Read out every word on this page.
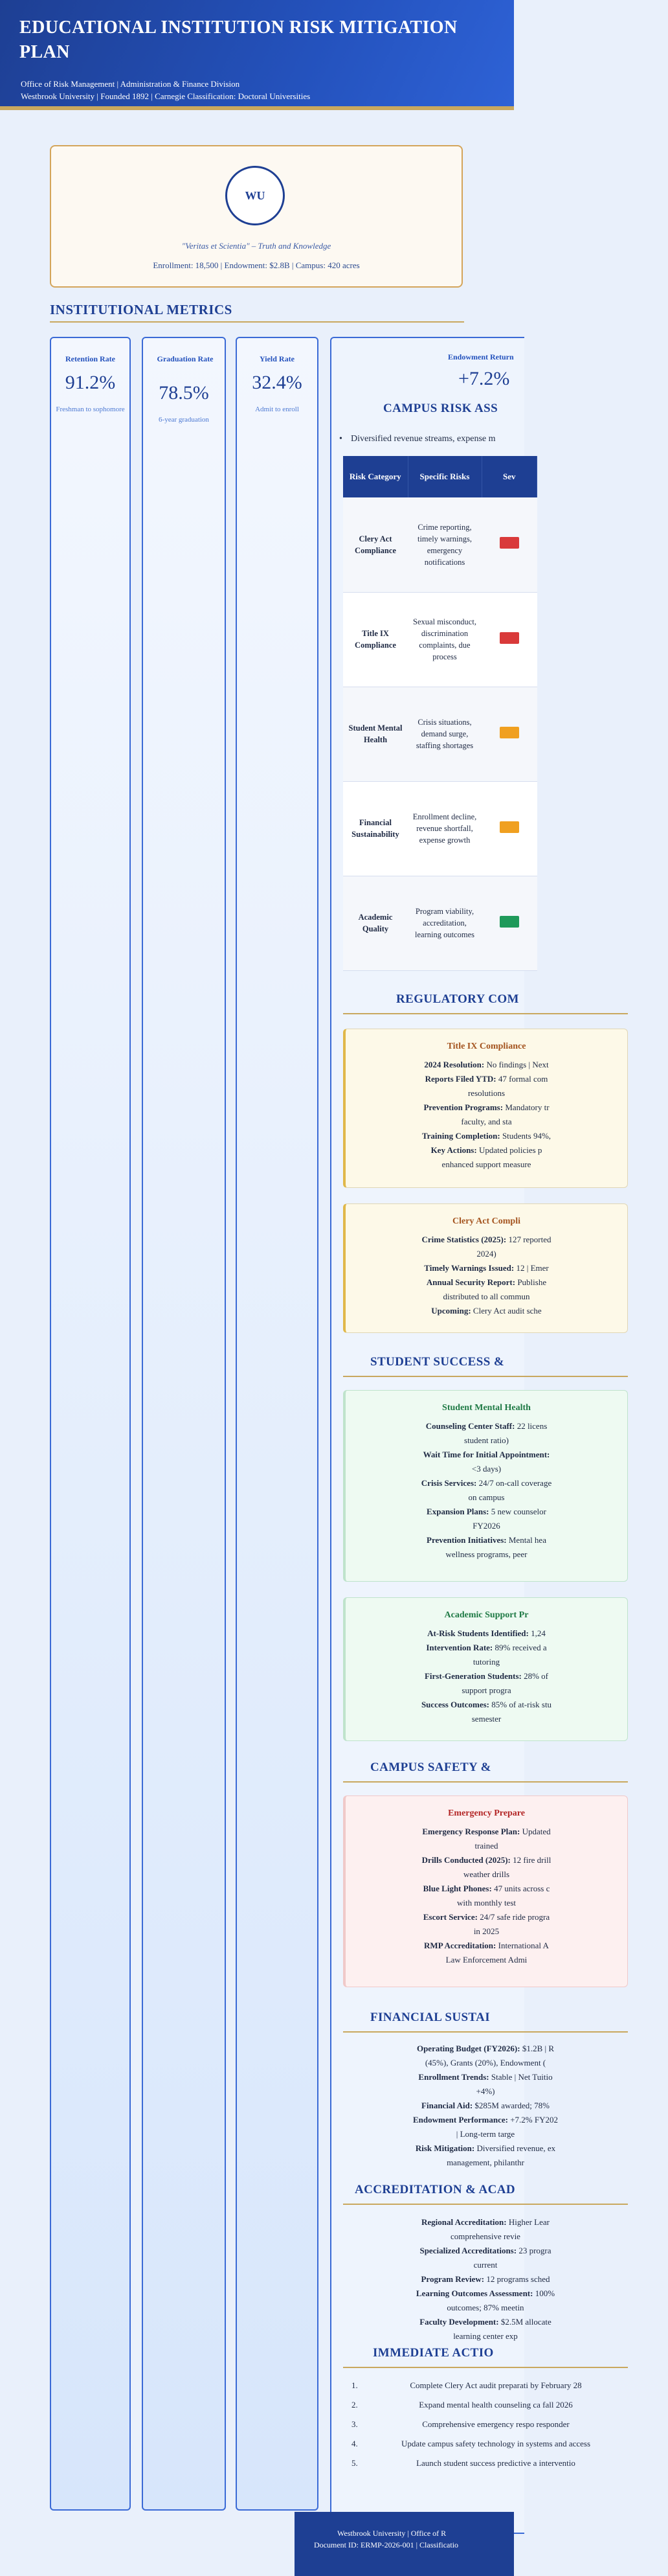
EDUCATIONAL INSTITUTION RISK MITIGATION PLAN
Office of Risk Management | Administration & Finance Division
Westbrook University | Founded 1892 | Carnegie Classification: Doctoral Universities
WU
"Veritas et Scientia" – Truth and Knowledge
Enrollment: 18,500 | Endowment: $2.8B | Campus: 420 acres
INSTITUTIONAL METRICS
Retention Rate
91.2%
Freshman to sophomore
Graduation Rate
78.5%
6-year graduation
Yield Rate
32.4%
Admit to enroll
Endowment Return
+7.2%
CAMPUS RISK ASS
• Diversified revenue streams, expense m
Risk Category	Specific Risks	Sev
Clery Act Compliance	Crime reporting, timely warnings, emergency notifications	
Title IX Compliance	Sexual misconduct, discrimination complaints, due process	
Student Mental Health	Crisis situations, demand surge, staffing shortages	
Financial Sustainability	Enrollment decline, revenue shortfall, expense growth	
Academic Quality	Program viability, accreditation, learning outcomes	
REGULATORY COM
Title IX Compliance
2024 Resolution: No findings | Next
Reports Filed YTD: 47 formal com
resolutions
Prevention Programs: Mandatory tr
faculty, and sta
Training Completion: Students 94%,
Key Actions: Updated policies p
enhanced support measure
Clery Act Compli
Crime Statistics (2025): 127 reported
2024)
Timely Warnings Issued: 12 | Emer
Annual Security Report: Publishe
distributed to all commun
Upcoming: Clery Act audit sche
STUDENT SUCCESS &
Student Mental Health
Counseling Center Staff: 22 licens
student ratio)
Wait Time for Initial Appointment:
<3 days)
Crisis Services: 24/7 on-call coverage
on campus
Expansion Plans: 5 new counselor
FY2026
Prevention Initiatives: Mental hea
wellness programs, peer
Academic Support Pr
At-Risk Students Identified: 1,24
Intervention Rate: 89% received a
tutoring
First-Generation Students: 28% of
support progra
Success Outcomes: 85% of at-risk stu
semester
CAMPUS SAFETY &
Emergency Prepare
Emergency Response Plan: Updated
trained
Drills Conducted (2025): 12 fire drill
weather drills
Blue Light Phones: 47 units across c
with monthly test
Escort Service: 24/7 safe ride progra
in 2025
RMP Accreditation: International A
Law Enforcement Admi
FINANCIAL SUSTAI
Operating Budget (FY2026): $1.2B | R
(45%), Grants (20%), Endowment (
Enrollment Trends: Stable | Net Tuitio
+4%)
Financial Aid: $285M awarded; 78%
Endowment Performance: +7.2% FY202
| Long-term targe
Risk Mitigation: Diversified revenue, ex
management, philanthr
ACCREDITATION & ACAD
Regional Accreditation: Higher Lear
comprehensive revie
Specialized Accreditations: 23 progra
current
Program Review: 12 programs sched
Learning Outcomes Assessment: 100%
outcomes; 87% meetin
Faculty Development: $2.5M allocate
learning center exp
IMMEDIATE ACTIO
1. Complete Clery Act audit preparati by February 28
2. Expand mental health counseling ca fall 2026
3. Comprehensive emergency respo responder
4. Update campus safety technology in systems and access
5. Launch student success predictive a interventio
Westbrook University | Office of R
Document ID: ERMP-2026-001 | Classificatio
